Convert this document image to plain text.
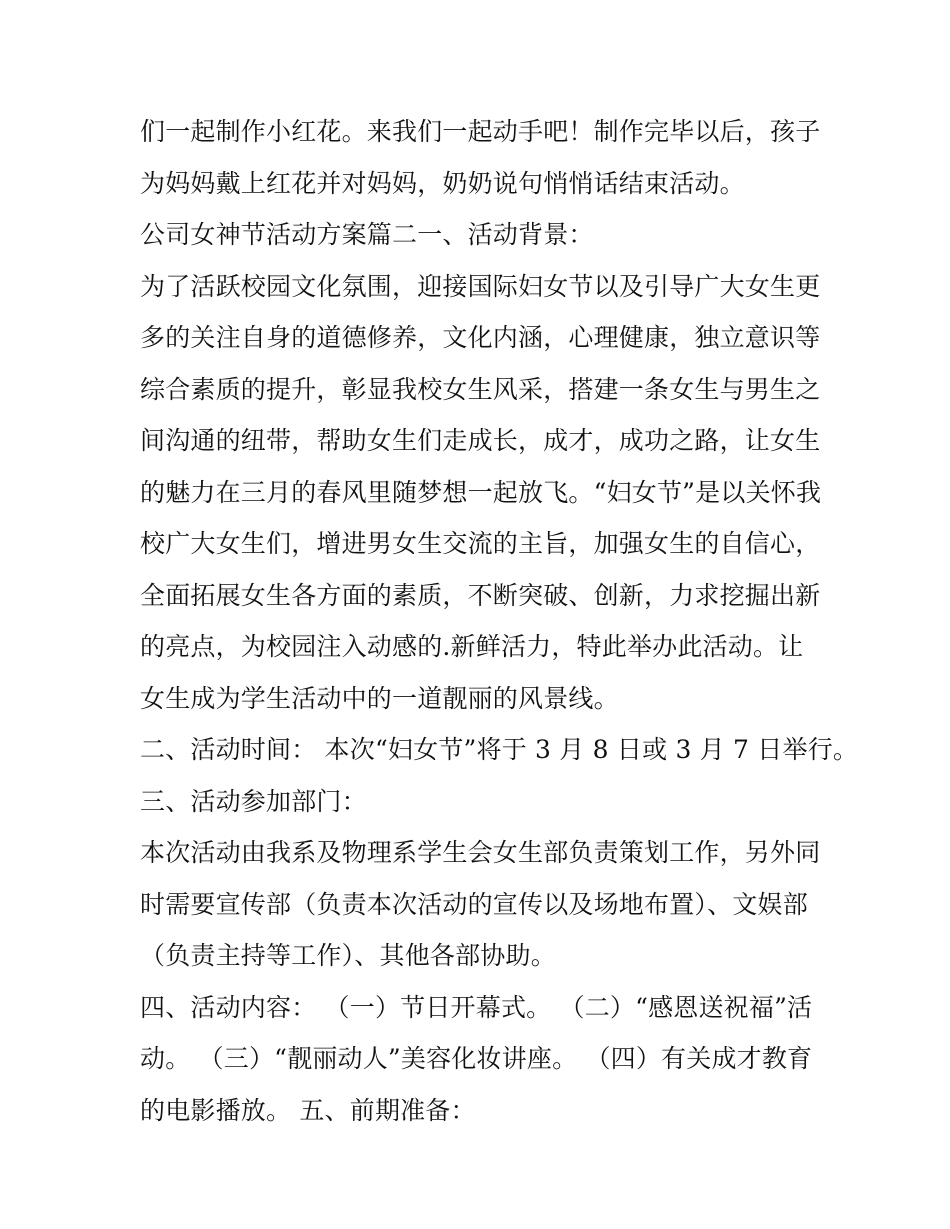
们一起制作小红花。来我们一起动手吧！制作完毕以后，孩子
为妈妈戴上红花并对妈妈，奶奶说句悄悄话结束活动。
公司女神节活动方案篇二一、活动背景：
为了活跃校园文化氛围，迎接国际妇女节以及引导广大女生更
多的关注自身的道德修养，文化内涵，心理健康，独立意识等
综合素质的提升，彰显我校女生风采，搭建一条女生与男生之
间沟通的纽带，帮助女生们走成长，成才，成功之路，让女生
的魅力在三月的春风里随梦想一起放飞。“妇女节”是以关怀我
校广大女生们，增进男女生交流的主旨，加强女生的自信心，
全面拓展女生各方面的素质，不断突破、创新，力求挖掘出新
的亮点，为校园注入动感的.新鲜活力，特此举办此活动。让
女生成为学生活动中的一道靓丽的风景线。
二、活动时间： 本次“妇女节”将于 3 月 8 日或 3 月 7 日举行。
三、活动参加部门：
本次活动由我系及物理系学生会女生部负责策划工作，另外同
时需要宣传部（负责本次活动的宣传以及场地布置）、文娱部
（负责主持等工作）、其他各部协助。
四、活动内容： （一）节日开幕式。 （二）“感恩送祝福”活
动。 （三）“靓丽动人”美容化妆讲座。 （四）有关成才教育
的电影播放。 五、前期准备：
